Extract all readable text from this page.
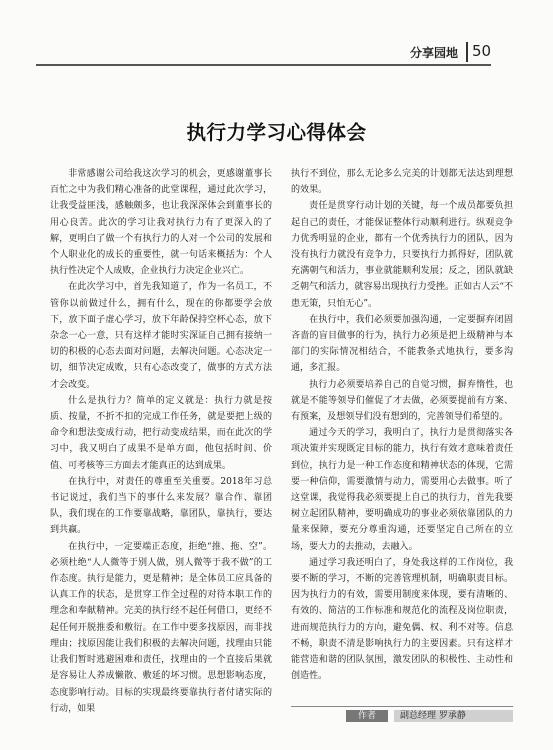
分享园地 50
执行力学习心得体会

非常感谢公司给我这次学习的机会，更感谢董事长百忙之中为我们精心准备的此堂课程，通过此次学习，让我受益匪浅，感触颇多，也让我深深体会到董事长的用心良苦。此次的学习让我对执行力有了更深入的了解，更明白了做一个有执行力的人对一个公司的发展和个人职业化的成长的重要性，就一句话来概括为：个人执行性决定个人成败，企业执行力决定企业兴亡。

在此次学习中，首先我知道了，作为一名员工，不管你以前做过什么，拥有什么，现在的你都要学会放下，放下面子虚心学习，放下年龄保持空杯心态，放下杂念一心一意，只有这样才能时实深证自己拥有接纳一切的积极的心态去面对问题，去解决问题。心态决定一切，细节决定成败，只有心态改变了，做事的方式方法才会改变。

什么是执行力？简单的定义就是：执行力就是按质、按量，不折不扣的完成工作任务，就是要把上级的命令和想法变成行动，把行动变成结果，而在此次的学习中，我又明白了成果不是单方面，他包括时间、价值、可考核等三方面去才能真正的达到成果。

在执行中，对责任的尊重至关重要。2018年习总书记说过，我们当下的事什么来发展？靠合作、靠团队，我们现在的工作要靠战略，靠团队，靠执行，要达到共赢。

在执行中，一定要端正态度，拒绝“推、拖、空”。必须杜绝“人人微等于别人做，别人微等于我不做”的工作态度。执行是能力，更是精神；是全体员工应具备的认真工作的状态，是贯穿工作全过程的对待本职工作的理念和奉献精神。完美的执行经不起任何借口，更经不起任何开脱推委和敷衍。在工作中要多找原因，而非找理由；找原因能让我们积极的去解决问题，找理由只能让我们暂时逃避困难和责任，找理由的一个直接后果就是容易让人养成懒散、敷延的坏习惯。思想影响态度，态度影响行动。目标的实现最终要靠执行者付诸实际的行动，如果

执行不到位，那么无论多么完美的计划都无法达到理想的效果。

责任是贯穿行动计划的关键，每一个成员都要负担起自己的责任，才能保证整体行动顺利进行。纵观竞争力优秀明显的企业，都有一个优秀执行力的团队，因为没有执行力就没有竞争力，只要执行力抓得好，团队就充满朝气和活力，事业就能顺利发展；反之，团队就缺乏朝气和活力，就容易出现执行力受挫。正如古人云“不患无策，只怕无心”。

在执行中，我们必须要加强沟通，一定要摒弃闭固吝啬的盲目做事的行为，执行力必须是把上级精神与本部门的实际情况相结合，不能教条式地执行，要多沟通，多汇报。

执行力必须要培养自己的自觉习惯，摒弃惰性，也就是不能等领导们催促了才去做，必须要提前有方案、有预案，及想领导们没有想到的，完善领导们希望的。

通过今天的学习，我明白了，执行力是贯彻落实各项决策并实现既定目标的能力，执行有效才意味着责任到位，执行力是一种工作态度和精神状态的体现，它需要一种信仰，需要激情与动力，需要用心去做事。听了这堂课，我觉得我必须要提上自己的执行力，首先我要树立起团队精神，要明确成功的事业必须依靠团队的力量来保障，要充分尊重沟通，还要坚定自己所在的立场，要大力的去推动，去融入。

通过学习我还明白了，身处我这样的工作岗位，我要不断的学习，不断的完善管理机制，明确职责目标。因为执行力的有效，需要用制度来体现，要有清晰的、有效的、简洁的工作标准和规范化的流程及岗位职责，进而规范执行力的方向，避免偶、权、利不对等。信息不畅，职责不清是影响执行力的主要因素。只有这样才能营造和谐的团队氛围，激发团队的积极性、主动性和创造性。

作者	副总经理 罗承静
